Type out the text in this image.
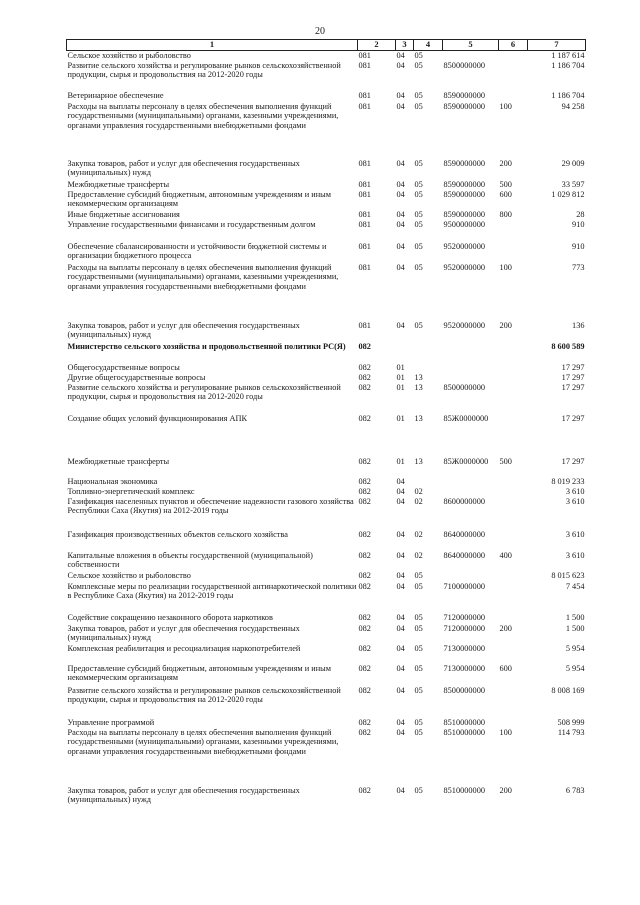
20
1	2	3	4	5	6	7
Сельское хозяйство и рыболовство	081	04	05			1 187 614
Развитие сельского хозяйства и регулирование рынков сельскохозяйственной продукции, сырья и продовольствия на 2012-2020 годы	081	04	05	8500000000		1 186 704
Ветеринарное обеспечение	081	04	05	8590000000		1 186 704
Расходы на выплаты персоналу в целях обеспечения выполнения функций государственными (муниципальными) органами, казенными учреждениями, органами управления государственными внебюджетными фондами	081	04	05	8590000000	100	94 258
Закупка товаров, работ и услуг для обеспечения государственных (муниципальных) нужд	081	04	05	8590000000	200	29 009
Межбюджетные трансферты	081	04	05	8590000000	500	33 597
Предоставление субсидий бюджетным, автономным учреждениям и иным некоммерческим организациям	081	04	05	8590000000	600	1 029 812
Иные бюджетные ассигнования	081	04	05	8590000000	800	28
Управление государственными финансами и государственным долгом	081	04	05	9500000000		910
Обеспечение сбалансированности и устойчивости бюджетной системы и организации бюджетного процесса	081	04	05	9520000000		910
Расходы на выплаты персоналу в целях обеспечения выполнения функций государственными (муниципальными) органами, казенными учреждениями, органами управления государственными внебюджетными фондами	081	04	05	9520000000	100	773
Закупка товаров, работ и услуг для обеспечения государственных (муниципальных) нужд	081	04	05	9520000000	200	136
Министерство сельского хозяйства и продовольственной политики РС(Я)	082					8 600 589
Общегосударственные вопросы	082	01				17 297
Другие общегосударственные вопросы	082	01	13			17 297
Развитие сельского хозяйства и регулирование рынков сельскохозяйственной продукции, сырья и продовольствия на 2012-2020 годы	082	01	13	8500000000		17 297
Создание общих условий функционирования АПК	082	01	13	85Ж0000000		17 297
Межбюджетные трансферты	082	01	13	85Ж0000000	500	17 297
Национальная экономика	082	04				8 019 233
Топливно-энергетический комплекс	082	04	02			3 610
Газификация населенных пунктов и обеспечение надежности газового хозяйства Республики Саха (Якутия) на 2012-2019 годы	082	04	02	8600000000		3 610
Газификация производственных объектов сельского хозяйства	082	04	02	8640000000		3 610
Капитальные вложения в объекты государственной (муниципальной) собственности	082	04	02	8640000000	400	3 610
Сельское хозяйство и рыболовство	082	04	05			8 015 623
Комплексные меры по реализации государственной антинаркотической политики в Республике Саха (Якутия) на 2012-2019 годы	082	04	05	7100000000		7 454
Содействие сокращению незаконного оборота наркотиков	082	04	05	7120000000		1 500
Закупка товаров, работ и услуг для обеспечения государственных (муниципальных) нужд	082	04	05	7120000000	200	1 500
Комплексная реабилитация и ресоциализация наркопотребителей	082	04	05	7130000000		5 954
Предоставление субсидий бюджетным, автономным учреждениям и иным некоммерческим организациям	082	04	05	7130000000	600	5 954
Развитие сельского хозяйства и регулирование рынков сельскохозяйственной продукции, сырья и продовольствия на 2012-2020 годы	082	04	05	8500000000		8 008 169
Управление программой	082	04	05	8510000000		508 999
Расходы на выплаты персоналу в целях обеспечения выполнения функций государственными (муниципальными) органами, казенными учреждениями, органами управления государственными внебюджетными фондами	082	04	05	8510000000	100	114 793
Закупка товаров, работ и услуг для обеспечения государственных (муниципальных) нужд	082	04	05	8510000000	200	6 783
